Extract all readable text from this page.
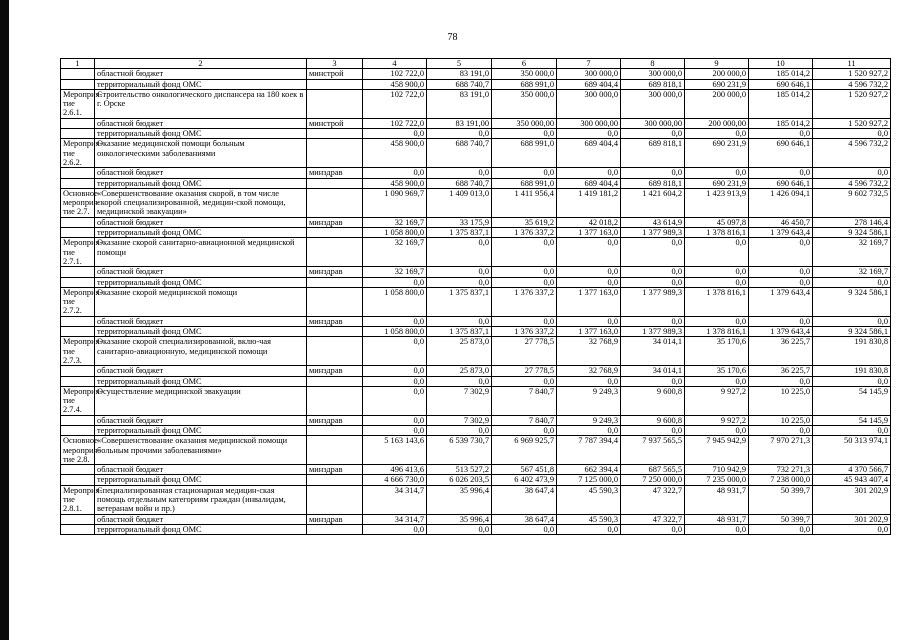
78
1	2	3	4	5	6	7	8	9	10	11
	областной бюджет	минстрой	102 722,0	83 191,0	350 000,0	300 000,0	300 000,0	200 000,0	185 014,2	1 520 927,2
	территориальный фонд ОМС		458 900,0	688 740,7	688 991,0	689 404,4	689 818,1	690 231,9	690 646,1	4 596 732,2
Мероприя-тие 2.6.1.	Строительство онкологического диспансера на 180 коек в г. Орске		102 722,0	83 191,0	350 000,0	300 000,0	300 000,0	200 000,0	185 014,2	1 520 927,2
	областной бюджет	минстрой	102 722,0	83 191,00	350 000,00	300 000,00	300 000,00	200 000,00	185 014,2	1 520 927,2
	территориальный фонд ОМС		0,0	0,0	0,0	0,0	0,0	0,0	0,0	0,0
Мероприя-тие 2.6.2.	Оказание медицинской помощи больным онкологическими заболеваниями		458 900,0	688 740,7	688 991,0	689 404,4	689 818,1	690 231,9	690 646,1	4 596 732,2
	областной бюджет	минздрав	0,0	0,0	0,0	0,0	0,0	0,0	0,0	0,0
	территориальный фонд ОМС		458 900,0	688 740,7	688 991,0	689 404,4	689 818,1	690 231,9	690 646,1	4 596 732,2
Основное мероприя-тие 2.7.	«Совершенствование оказания скорой, в том числе скорой специализированной, медицин-ской помощи, медицинской эвакуации»		1 090 969,7	1 409 013,0	1 411 956,4	1 419 181,2	1 421 604,2	1 423 913,9	1 426 094,1	9 602 732,5
	областной бюджет	минздрав	32 169,7	33 175,9	35 619,2	42 018,2	43 614,9	45 097,8	46 450,7	278 146,4
	территориальный фонд ОМС		1 058 800,0	1 375 837,1	1 376 337,2	1 377 163,0	1 377 989,3	1 378 816,1	1 379 643,4	9 324 586,1
Мероприя-тие 2.7.1.	Оказание скорой санитарно-авиационной медицинской помощи		32 169,7	0,0	0,0	0,0	0,0	0,0	0,0	32 169,7
	областной бюджет	минздрав	32 169,7	0,0	0,0	0,0	0,0	0,0	0,0	32 169,7
	территориальный фонд ОМС		0,0	0,0	0,0	0,0	0,0	0,0	0,0	0,0
Мероприя-тие 2.7.2.	Оказание скорой медицинской помощи		1 058 800,0	1 375 837,1	1 376 337,2	1 377 163,0	1 377 989,3	1 378 816,1	1 379 643,4	9 324 586,1
	областной бюджет	минздрав	0,0	0,0	0,0	0,0	0,0	0,0	0,0	0,0
	территориальный фонд ОМС		1 058 800,0	1 375 837,1	1 376 337,2	1 377 163,0	1 377 989,3	1 378 816,1	1 379 643,4	9 324 586,1
Мероприя-тие 2.7.3.	Оказание скорой специализированной, вклю-чая санитарно-авиационную, медицинской помощи		0,0	25 873,0	27 778,5	32 768,9	34 014,1	35 170,6	36 225,7	191 830,8
	областной бюджет	минздрав	0,0	25 873,0	27 778,5	32 768,9	34 014,1	35 170,6	36 225,7	191 830,8
	территориальный фонд ОМС		0,0	0,0	0,0	0,0	0,0	0,0	0,0	0,0
Мероприя-тие 2.7.4.	Осуществление медицинской эвакуации		0,0	7 302,9	7 840,7	9 249,3	9 600,8	9 927,2	10 225,0	54 145,9
	областной бюджет	минздрав	0,0	7 302,9	7 840,7	9 249,3	9 600,8	9 927,2	10 225,0	54 145,9
	территориальный фонд ОМС		0,0	0,0	0,0	0,0	0,0	0,0	0,0	0,0
Основное мероприя-тие 2.8.	«Совершенствование оказания медицинской помощи больным прочими заболеваниями»		5 163 143,6	6 539 730,7	6 969 925,7	7 787 394,4	7 937 565,5	7 945 942,9	7 970 271,3	50 313 974,1
	областной бюджет	минздрав	496 413,6	513 527,2	567 451,8	662 394,4	687 565,5	710 942,9	732 271,3	4 370 566,7
	территориальный фонд ОМС		4 666 730,0	6 026 203,5	6 402 473,9	7 125 000,0	7 250 000,0	7 235 000,0	7 238 000,0	45 943 407,4
Мероприя-тие 2.8.1.	Специализированная стационарная медицин-ская помощь отдельным категориям граждан (инвалидам, ветеранам войн и пр.)		34 314,7	35 996,4	38 647,4	45 590,3	47 322,7	48 931,7	50 399,7	301 202,9
	областной бюджет	минздрав	34 314,7	35 996,4	38 647,4	45 590,3	47 322,7	48 931,7	50 399,7	301 202,9
	территориальный фонд ОМС		0,0	0,0	0,0	0,0	0,0	0,0	0,0	0,0
